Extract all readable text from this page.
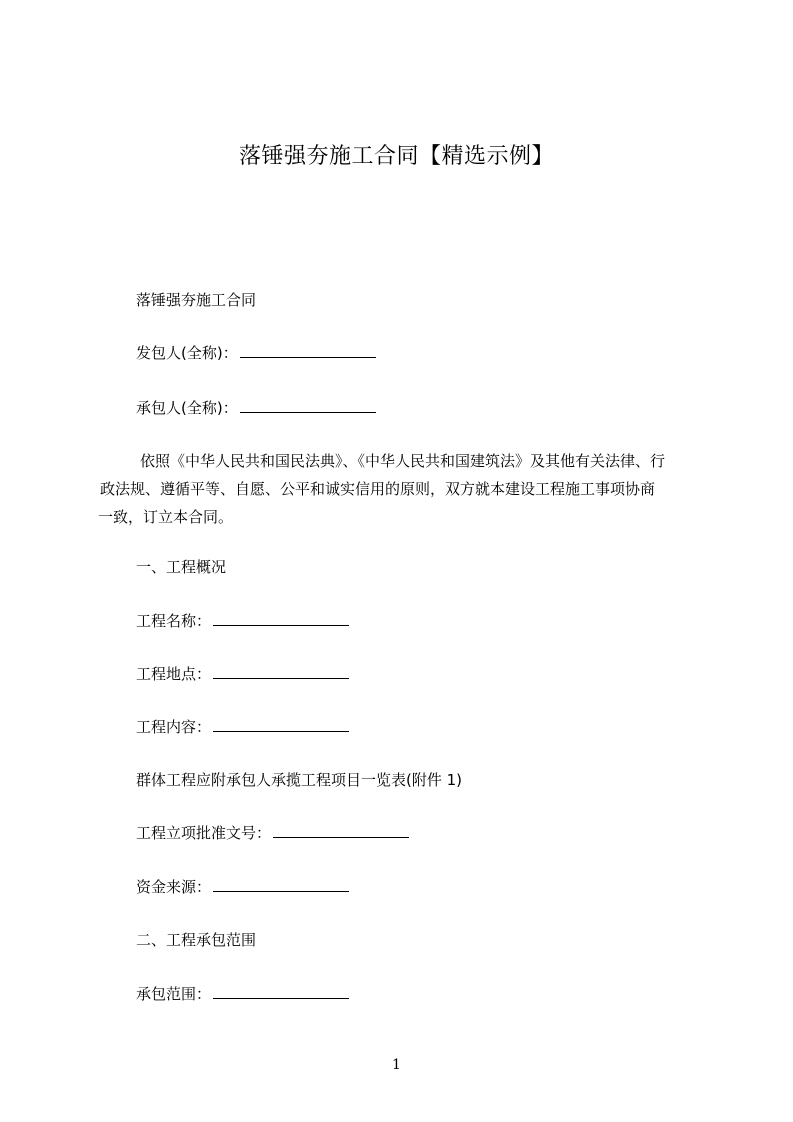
落锤强夯施工合同【精选示例】
落锤强夯施工合同
发包人(全称)：
承包人(全称)：
依照《中华人民共和国民法典》、《中华人民共和国建筑法》及其他有关法律、行
政法规、遵循平等、自愿、公平和诚实信用的原则，双方就本建设工程施工事项协商
一致，订立本合同。
一、工程概况
工程名称：
工程地点：
工程内容：
群体工程应附承包人承揽工程项目一览表(附件 1)
工程立项批准文号：
资金来源：
二、工程承包范围
承包范围：
1
